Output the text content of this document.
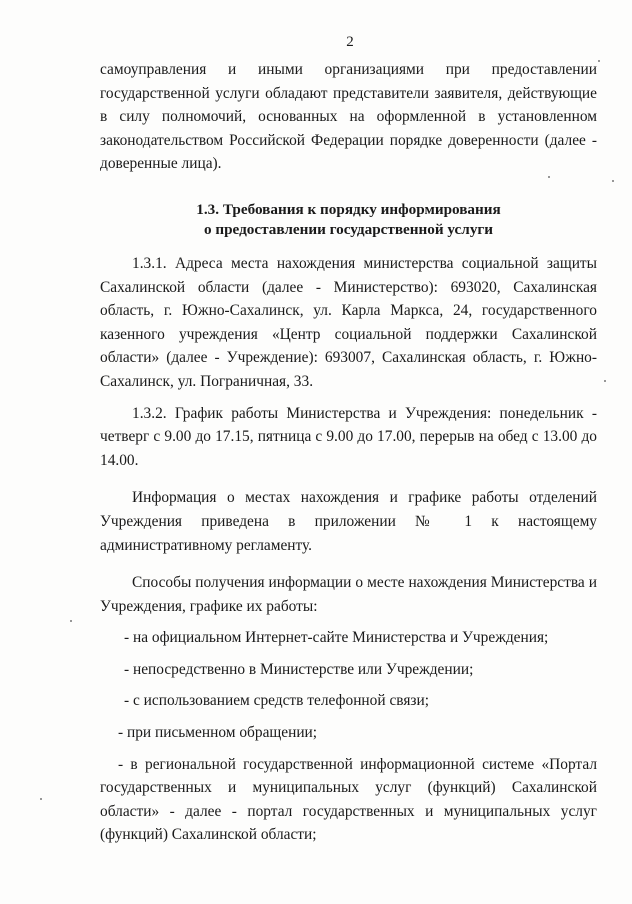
2

самоуправления и иными организациями при предоставлении государственной услуги обладают представители заявителя, действующие в силу полномочий, основанных на оформленной в установленном законодательством Российской Федерации порядке доверенности (далее - доверенные лица).

1.3. Требования к порядку информирования
о предоставлении государственной услуги

1.3.1. Адреса места нахождения министерства социальной защиты Сахалинской области (далее - Министерство): 693020, Сахалинская область, г. Южно-Сахалинск, ул. Карла Маркса, 24, государственного казенного учреждения «Центр социальной поддержки Сахалинской области» (далее - Учреждение): 693007, Сахалинская область, г. Южно-Сахалинск, ул. Пограничная, 33.

1.3.2. График работы Министерства и Учреждения: понедельник - четверг с 9.00 до 17.15, пятница с 9.00 до 17.00, перерыв на обед с 13.00 до 14.00.

Информация о местах нахождения и графике работы отделений Учреждения приведена в приложении № 1 к настоящему административному регламенту.

Способы получения информации о месте нахождения Министерства и Учреждения, графике их работы:

- на официальном Интернет-сайте Министерства и Учреждения;

- непосредственно в Министерстве или Учреждении;

- с использованием средств телефонной связи;

- при письменном обращении;

- в региональной государственной информационной системе «Портал государственных и муниципальных услуг (функций) Сахалинской области» - далее - портал государственных и муниципальных услуг (функций) Сахалинской области;
